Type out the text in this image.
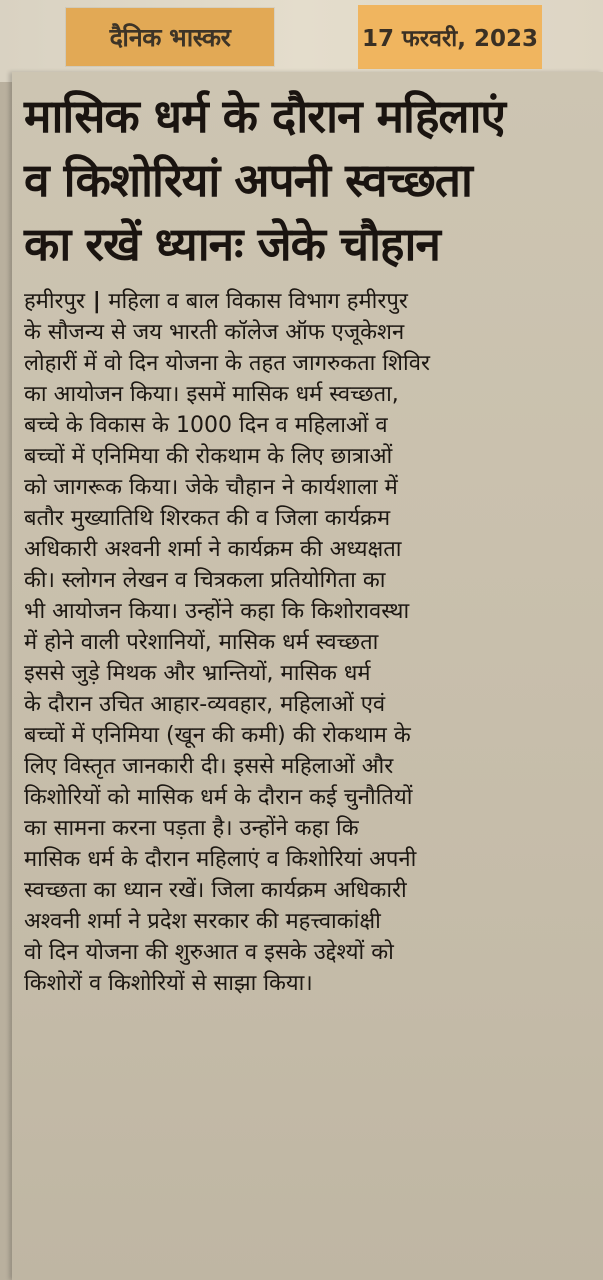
दैनिक भास्कर	17 फरवरी, 2023
मासिक धर्म के दौरान महिलाएं
व किशोरियां अपनी स्वच्छता
का रखें ध्यानः जेके चौहान
हमीरपुर | महिला व बाल विकास विभाग हमीरपुर
के सौजन्य से जय भारती कॉलेज ऑफ एजूकेशन
लोहारीं में वो दिन योजना के तहत जागरुकता शिविर
का आयोजन किया। इसमें मासिक धर्म स्वच्छता,
बच्चे के विकास के 1000 दिन व महिलाओं व
बच्चों में एनिमिया की रोकथाम के लिए छात्राओं
को जागरूक किया। जेके चौहान ने कार्यशाला में
बतौर मुख्यातिथि शिरकत की व जिला कार्यक्रम
अधिकारी अश्वनी शर्मा ने कार्यक्रम की अध्यक्षता
की। स्लोगन लेखन व चित्रकला प्रतियोगिता का
भी आयोजन किया। उन्होंने कहा कि किशोरावस्था
में होने वाली परेशानियों, मासिक धर्म स्वच्छता
इससे जुड़े मिथक और भ्रान्तियों, मासिक धर्म
के दौरान उचित आहार-व्यवहार, महिलाओं एवं
बच्चों में एनिमिया (खून की कमी) की रोकथाम के
लिए विस्तृत जानकारी दी। इससे महिलाओं और
किशोरियों को मासिक धर्म के दौरान कई चुनौतियों
का सामना करना पड़ता है। उन्होंने कहा कि
मासिक धर्म के दौरान महिलाएं व किशोरियां अपनी
स्वच्छता का ध्यान रखें। जिला कार्यक्रम अधिकारी
अश्वनी शर्मा ने प्रदेश सरकार की महत्त्वाकांक्षी
वो दिन योजना की शुरुआत व इसके उद्देश्यों को
किशोरों व किशोरियों से साझा किया।
